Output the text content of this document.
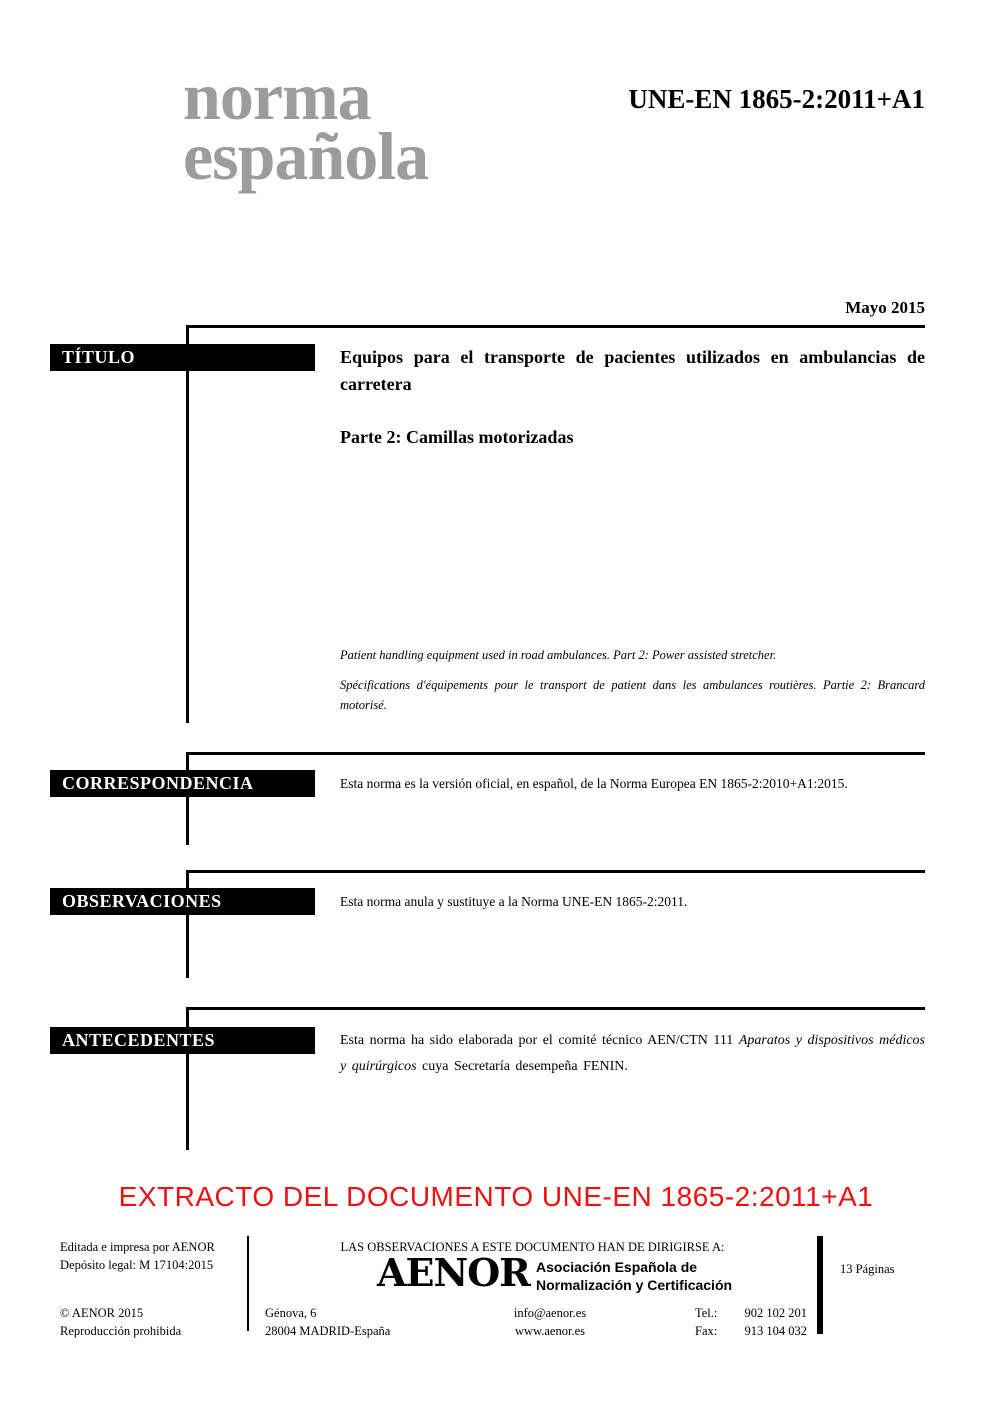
norma
española
UNE-EN 1865-2:2011+A1
Mayo 2015
TÍTULO	Equipos para el transporte de pacientes utilizados en ambulancias de carretera
Parte 2: Camillas motorizadas
Patient handling equipment used in road ambulances. Part 2: Power assisted stretcher.
Spécifications d'équipements pour le transport de patient dans les ambulances routières. Partie 2: Brancard motorisé.
CORRESPONDENCIA	Esta norma es la versión oficial, en español, de la Norma Europea EN 1865-2:2010+A1:2015.
OBSERVACIONES	Esta norma anula y sustituye a la Norma UNE-EN 1865-2:2011.
ANTECEDENTES	Esta norma ha sido elaborada por el comité técnico AEN/CTN 111 Aparatos y dispositivos médicos y quirúrgicos cuya Secretaría desempeña FENIN.
EXTRACTO DEL DOCUMENTO UNE-EN 1865-2:2011+A1
Editada e impresa por AENOR
Depósito legal: M 17104:2015
© AENOR 2015
Reproducción prohibida
LAS OBSERVACIONES A ESTE DOCUMENTO HAN DE DIRIGIRSE A:
AENOR Asociación Española de
Normalización y Certificación
Génova, 6
28004 MADRID-España
info@aenor.es
www.aenor.es
Tel.: 902 102 201
Fax: 913 104 032
13 Páginas
